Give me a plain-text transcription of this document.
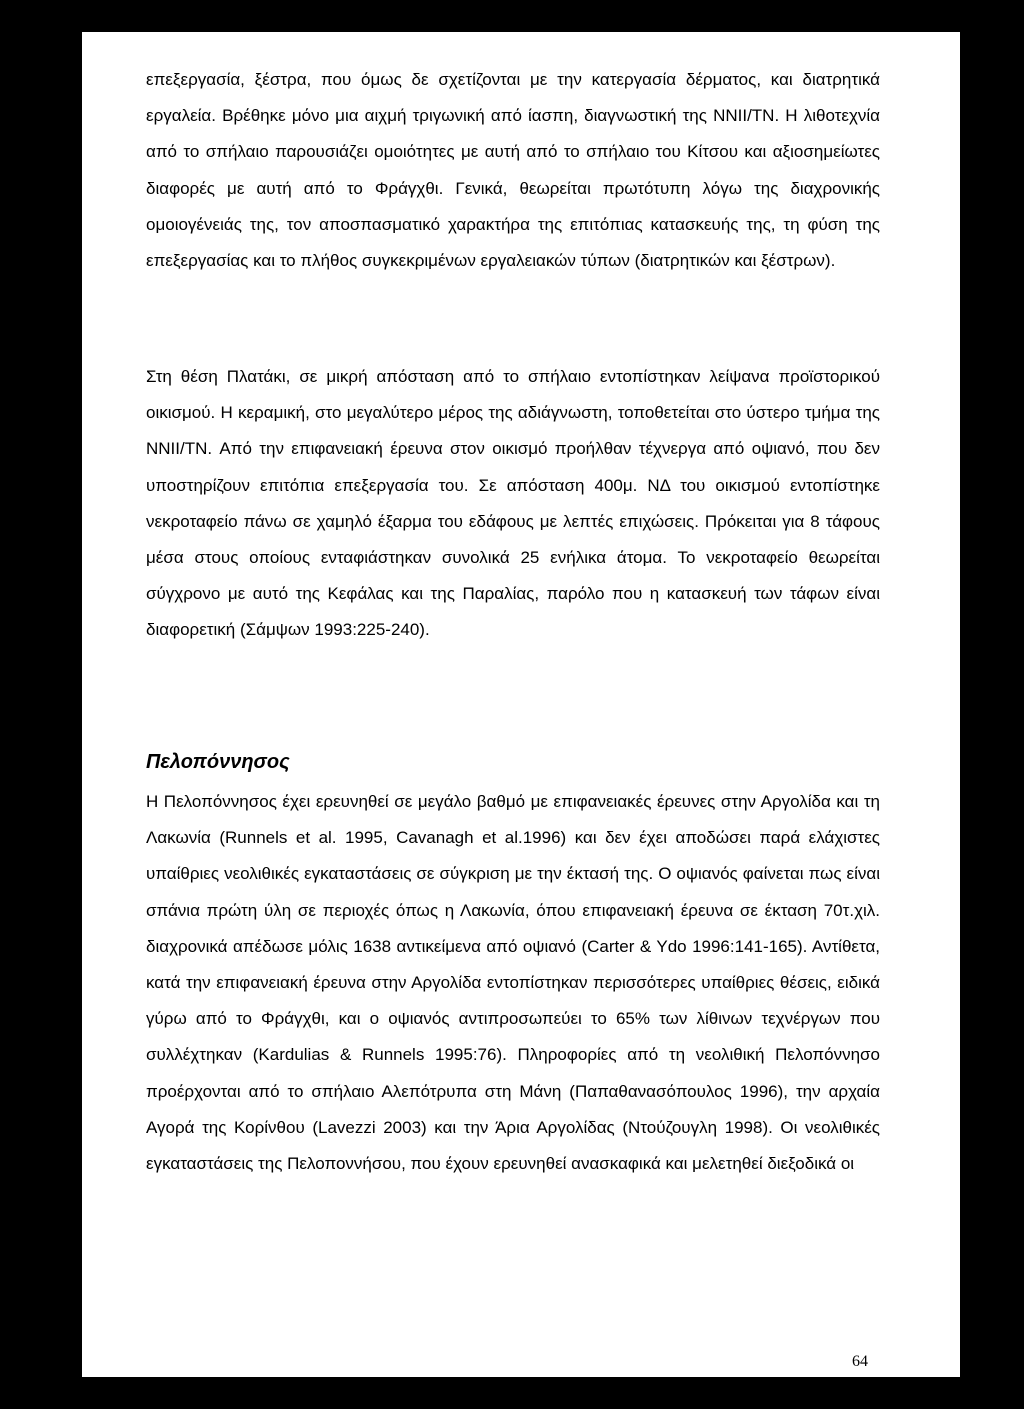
επεξεργασία, ξέστρα, που όμως δε σχετίζονται με την κατεργασία δέρματος, και διατρητικά εργαλεία. Βρέθηκε μόνο μια αιχμή τριγωνική από ίασπη, διαγνωστική της NNII/TN. Η λιθοτεχνία από το σπήλαιο παρουσιάζει ομοιότητες με αυτή από το σπήλαιο του Κίτσου και αξιοσημείωτες διαφορές με αυτή από το Φράγχθι. Γενικά, θεωρείται πρωτότυπη λόγω της διαχρονικής ομοιογένειάς της, τον αποσπασματικό χαρακτήρα της επιτόπιας κατασκευής της, τη φύση της επεξεργασίας και το πλήθος συγκεκριμένων εργαλειακών τύπων (διατρητικών και ξέστρων).

Στη θέση Πλατάκι, σε μικρή απόσταση από το σπήλαιο εντοπίστηκαν λείψανα προϊστορικού οικισμού. Η κεραμική, στο μεγαλύτερο μέρος της αδιάγνωστη, τοποθετείται στο ύστερο τμήμα της NNII/TN. Από την επιφανειακή έρευνα στον οικισμό προήλθαν τέχνεργα από οψιανό, που δεν υποστηρίζουν επιτόπια επεξεργασία του. Σε απόσταση 400μ. ΝΔ του οικισμού εντοπίστηκε νεκροταφείο πάνω σε χαμηλό έξαρμα του εδάφους με λεπτές επιχώσεις. Πρόκειται για 8 τάφους μέσα στους οποίους ενταφιάστηκαν συνολικά 25 ενήλικα άτομα. Το νεκροταφείο θεωρείται σύγχρονο με αυτό της Κεφάλας και της Παραλίας, παρόλο που η κατασκευή των τάφων είναι διαφορετική (Σάμψων 1993:225-240).

Πελοπόννησος

Η Πελοπόννησος έχει ερευνηθεί σε μεγάλο βαθμό με επιφανειακές έρευνες στην Αργολίδα και τη Λακωνία (Runnels et al. 1995, Cavanagh et al.1996) και δεν έχει αποδώσει παρά ελάχιστες υπαίθριες νεολιθικές εγκαταστάσεις σε σύγκριση με την έκτασή της. Ο οψιανός φαίνεται πως είναι σπάνια πρώτη ύλη σε περιοχές όπως η Λακωνία, όπου επιφανειακή έρευνα σε έκταση 70τ.χιλ. διαχρονικά απέδωσε μόλις 1638 αντικείμενα από οψιανό (Carter & Ydo 1996:141-165). Αντίθετα, κατά την επιφανειακή έρευνα στην Αργολίδα εντοπίστηκαν περισσότερες υπαίθριες θέσεις, ειδικά γύρω από το Φράγχθι, και ο οψιανός αντιπροσωπεύει το 65% των λίθινων τεχνέργων που συλλέχτηκαν (Kardulias & Runnels 1995:76). Πληροφορίες από τη νεολιθική Πελοπόννησο προέρχονται από το σπήλαιο Αλεπότρυπα στη Μάνη (Παπαθανασόπουλος 1996), την αρχαία Αγορά της Κορίνθου (Lavezzi 2003) και την Άρια Αργολίδας (Ντούζουγλη 1998). Οι νεολιθικές εγκαταστάσεις της Πελοποννήσου, που έχουν ερευνηθεί ανασκαφικά και μελετηθεί διεξοδικά οι

64
